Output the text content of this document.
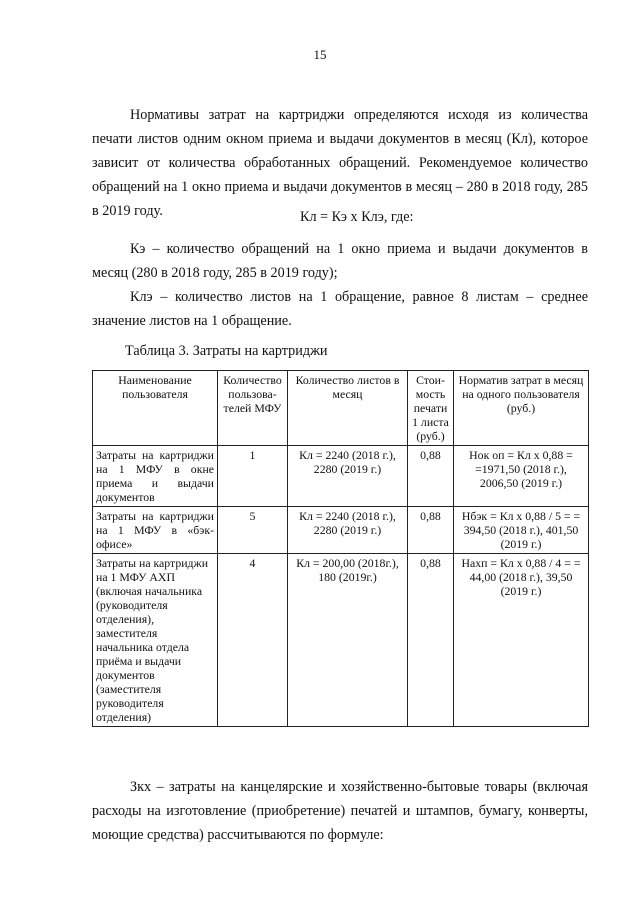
15
Нормативы затрат на картриджи определяются исходя из количества печати листов одним окном приема и выдачи документов в месяц (Кл), которое зависит от количества обработанных обращений. Рекомендуемое количество обращений на 1 окно приема и выдачи документов в месяц – 280 в 2018 году, 285 в 2019 году.	Кл = Кэ х Клэ, где:
Кэ – количество обращений на 1 окно приема и выдачи документов в месяц (280 в 2018 году, 285 в 2019 году);
Клэ – количество листов на 1 обращение, равное 8 листам – среднее значение листов на 1 обращение.
Таблица 3. Затраты на картриджи
Наименование пользователя	Количество пользова-телей МФУ	Количество листов в месяц	Стои-мость печати 1 листа (руб.)	Норматив затрат в месяц на одного пользователя (руб.)
Затраты на картриджи на 1 МФУ в окне приема и выдачи документов	1	Кл = 2240 (2018 г.), 2280 (2019 г.)	0,88	Нок оп = Кл х 0,88 = =1971,50 (2018 г.), 2006,50 (2019 г.)
Затраты на картриджи на 1 МФУ в «бэк-офисе»	5	Кл = 2240 (2018 г.), 2280 (2019 г.)	0,88	Нбэк = Кл х 0,88 / 5 = = 394,50 (2018 г.), 401,50 (2019 г.)
Затраты на картриджи на 1 МФУ АХП (включая начальника (руководителя отделения), заместителя начальника отдела приёма и выдачи документов (заместителя руководителя отделения)	4	Кл = 200,00 (2018г.), 180 (2019г.)	0,88	Нахп = Кл х 0,88 / 4 = = 44,00 (2018 г.), 39,50 (2019 г.)
Зкх – затраты на канцелярские и хозяйственно-бытовые товары (включая расходы на изготовление (приобретение) печатей и штампов, бумагу, конверты, моющие средства) рассчитываются по формуле:
